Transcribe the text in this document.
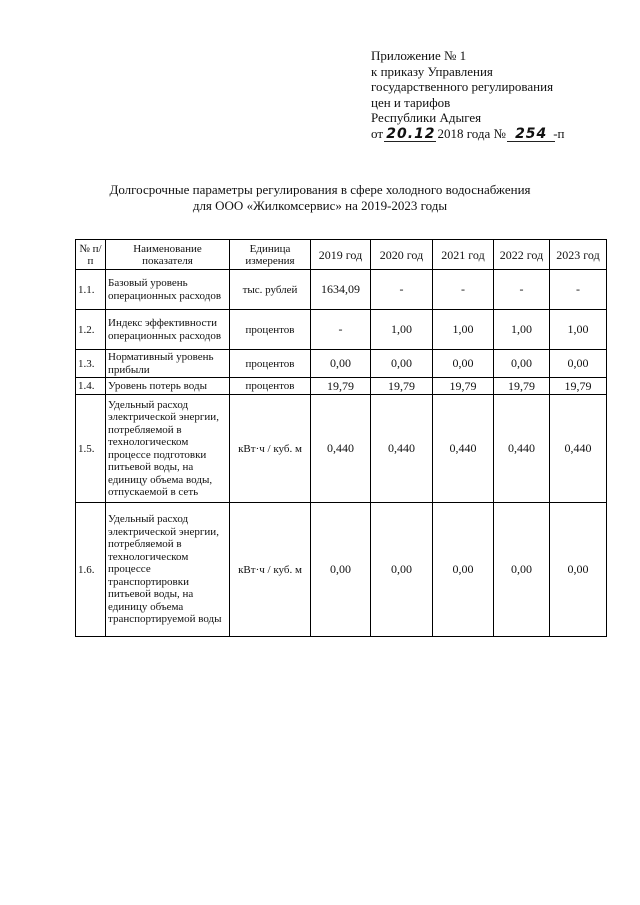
Приложение № 1
к приказу Управления
государственного регулирования
цен и тарифов
Республики Адыгея
от 20.12 2018 года № 254 -п
Долгосрочные параметры регулирования в сфере холодного водоснабжения
для ООО «Жилкомсервис» на 2019-2023 годы
№ п/п	Наименование показателя	Единица измерения	2019 год	2020 год	2021 год	2022 год	2023 год
1.1.	Базовый уровень операционных расходов	тыс. рублей	1634,09	-	-	-	-
1.2.	Индекс эффективности операционных расходов	процентов	-	1,00	1,00	1,00	1,00
1.3.	Нормативный уровень прибыли	процентов	0,00	0,00	0,00	0,00	0,00
1.4.	Уровень потерь воды	процентов	19,79	19,79	19,79	19,79	19,79
1.5.	Удельный расход электрической энергии, потребляемой в технологическом процессе подготовки питьевой воды, на единицу объема воды, отпускаемой в сеть	кВт·ч / куб. м	0,440	0,440	0,440	0,440	0,440
1.6.	Удельный расход электрической энергии, потребляемой в технологическом процессе транспортировки питьевой воды, на единицу объема транспортируемой воды	кВт·ч / куб. м	0,00	0,00	0,00	0,00	0,00
